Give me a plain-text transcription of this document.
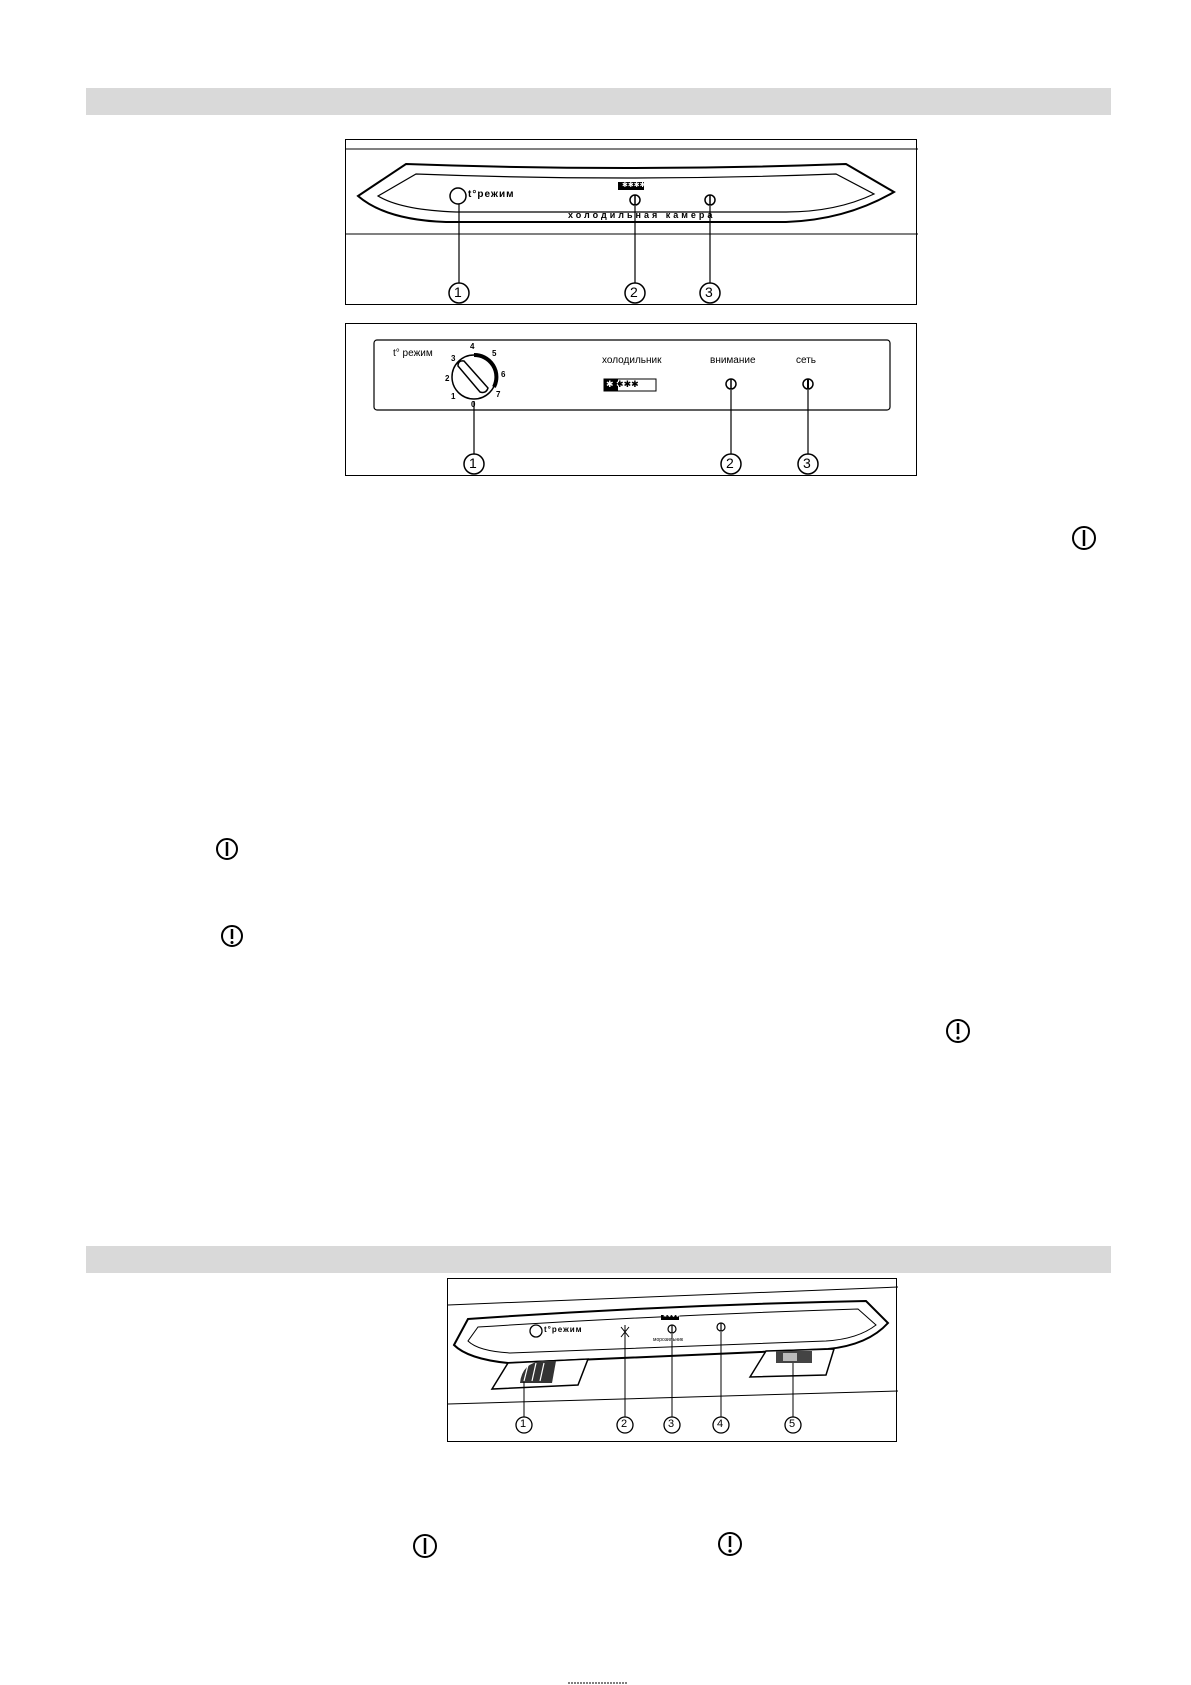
t°режим
✱✱✱✱
холодильная камера
1	2	3
t° режим
0
1
2
3
4
5
6
7
холодильник
✱ ✱✱✱
внимание	сеть
1	2	3
t°режим
✱✱✱✱
морозильник
1	2	3	4	5
